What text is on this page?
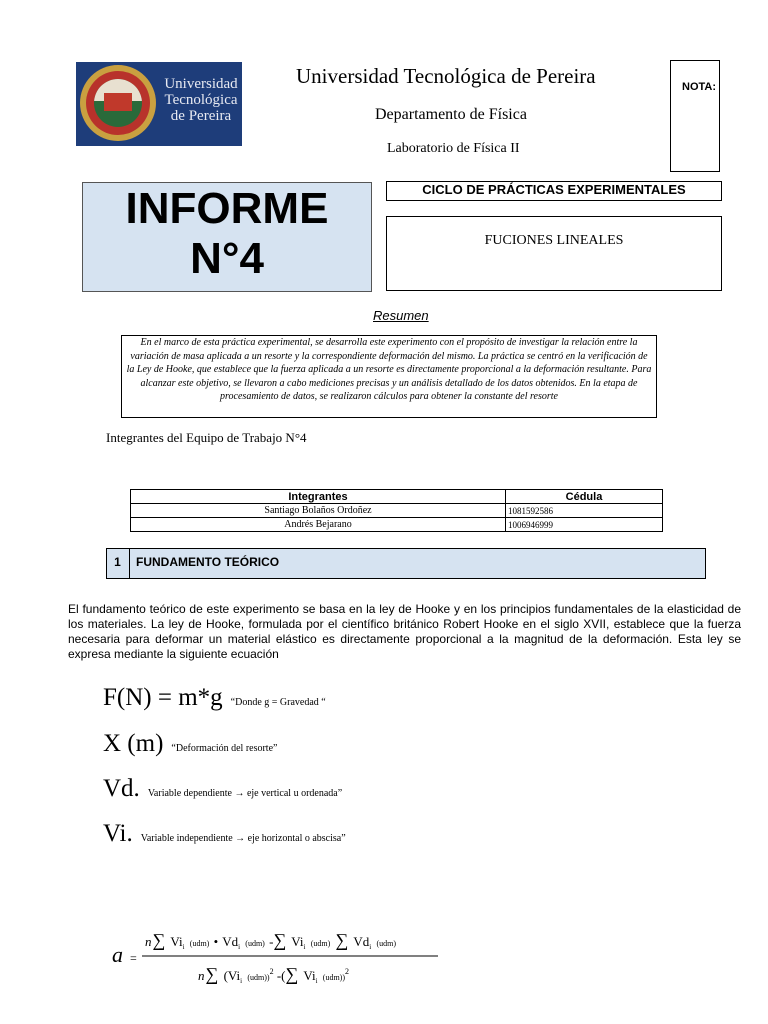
Universidad
Tecnológica
de Pereira
Universidad Tecnológica de Pereira
Departamento de Física
Laboratorio de Física II
NOTA:
INFORME
N°4
CICLO DE PRÁCTICAS EXPERIMENTALES
FUCIONES LINEALES
Resumen
En el marco de esta práctica experimental, se desarrolla este experimento con el propósito de investigar la relación entre la variación de masa aplicada a un resorte y la correspondiente deformación del mismo. La práctica se centró en la verificación de la Ley de Hooke, que establece que la fuerza aplicada a un resorte es directamente proporcional a la deformación resultante. Para alcanzar este objetivo, se llevaron a cabo mediciones precisas y un análisis detallado de los datos obtenidos. En la etapa de procesamiento de datos, se realizaron cálculos para obtener la constante del resorte
Integrantes del Equipo de Trabajo N°4
Integrantes	Cédula
Santiago Bolaños Ordoñez	1081592586
Andrés Bejarano	1006946999
1	FUNDAMENTO TEÓRICO
El fundamento teórico de este experimento se basa en la ley de Hooke y en los principios fundamentales de la elasticidad de los materiales. La ley de Hooke, formulada por el científico británico Robert Hooke en el siglo XVII, establece que la fuerza necesaria para deformar un material elástico es directamente proporcional a la magnitud de la deformación. Esta ley se expresa mediante la siguiente ecuación
F(N) = m*g “Donde g = Gravedad “
X (m) “Deformación del resorte”
Vd. Variable dependiente → eje vertical u ordenada”
Vi. Variable independiente → eje horizontal o abscisa”
a =
n∑ $Vi_i$ $^{(udm)}$ • $Vd_i$ $^{(udm)}$ -∑ $Vi_i$ $^{(udm)}$ ∑ $Vd_i$ $^{(udm)}$
n∑ ($Vi_i$ $^{(udm))2}$ -(∑ $Vi_i$ $^{(udm))2}$
